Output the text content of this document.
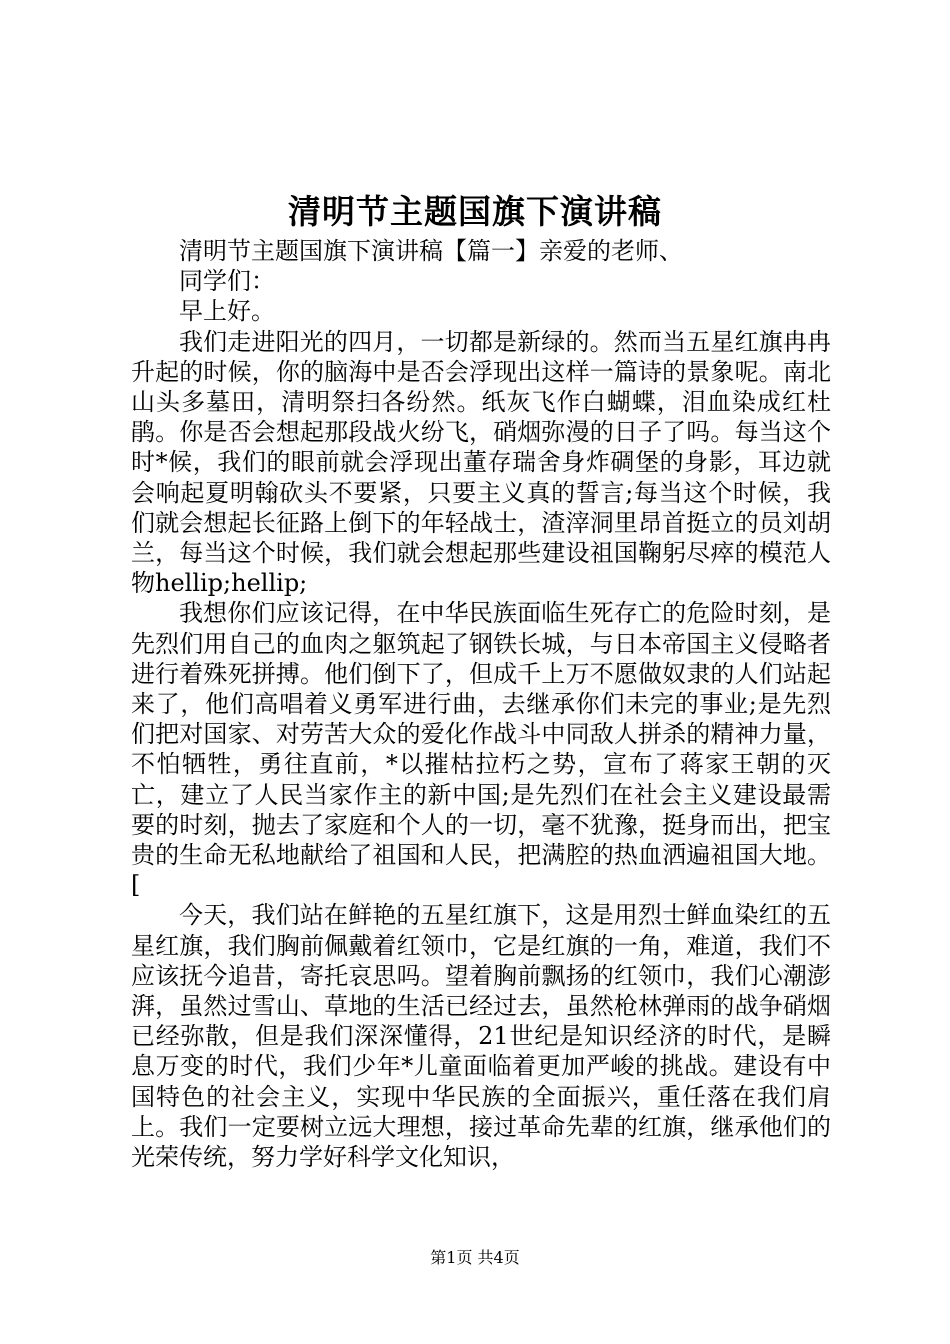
清明节主题国旗下演讲稿

清明节主题国旗下演讲稿【篇一】亲爱的老师、

同学们：

早上好。

我们走进阳光的四月，一切都是新绿的。然而当五星红旗冉冉升起的时候，你的脑海中是否会浮现出这样一篇诗的景象呢。南北山头多墓田，清明祭扫各纷然。纸灰飞作白蝴蝶，泪血染成红杜鹃。你是否会想起那段战火纷飞，硝烟弥漫的日子了吗。每当这个时*候，我们的眼前就会浮现出董存瑞舍身炸碉堡的身影，耳边就会响起夏明翰砍头不要紧，只要主义真的誓言;每当这个时候，我们就会想起长征路上倒下的年轻战士，渣滓洞里昂首挺立的员刘胡兰，每当这个时候，我们就会想起那些建设祖国鞠躬尽瘁的模范人物hellip;hellip;

我想你们应该记得，在中华民族面临生死存亡的危险时刻，是先烈们用自己的血肉之躯筑起了钢铁长城，与日本帝国主义侵略者进行着殊死拼搏。他们倒下了，但成千上万不愿做奴隶的人们站起来了，他们高唱着义勇军进行曲，去继承你们未完的事业;是先烈们把对国家、对劳苦大众的爱化作战斗中同敌人拼杀的精神力量，不怕牺牲，勇往直前，*以摧枯拉朽之势，宣布了蒋家王朝的灭亡，建立了人民当家作主的新中国;是先烈们在社会主义建设最需要的时刻，抛去了家庭和个人的一切，毫不犹豫，挺身而出，把宝贵的生命无私地献给了祖国和人民，把满腔的热血洒遍祖国大地。[

今天，我们站在鲜艳的五星红旗下，这是用烈士鲜血染红的五星红旗，我们胸前佩戴着红领巾，它是红旗的一角，难道，我们不应该抚今追昔，寄托哀思吗。望着胸前飘扬的红领巾，我们心潮澎湃，虽然过雪山、草地的生活已经过去，虽然枪林弹雨的战争硝烟已经弥散，但是我们深深懂得，21世纪是知识经济的时代，是瞬息万变的时代，我们少年*儿童面临着更加严峻的挑战。建设有中国特色的社会主义，实现中华民族的全面振兴，重任落在我们肩上。我们一定要树立远大理想，接过革命先辈的红旗，继承他们的光荣传统，努力学好科学文化知识，

第1页 共4页
